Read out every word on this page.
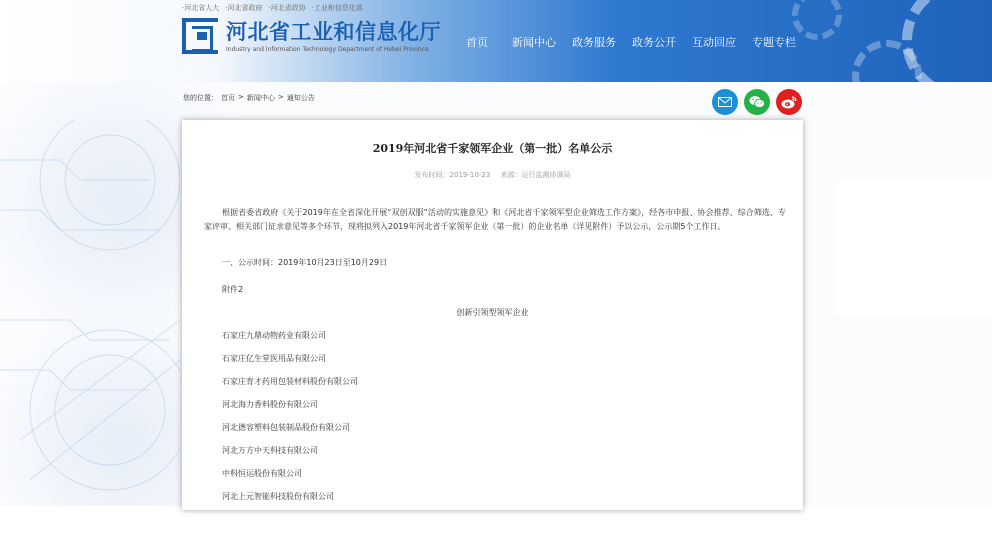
·河北省人大 ·河北省政府 ·河北省政协 ·工业和信息化部
河北省工业和信息化厅
Industry and Information Technology Department of Hebei Province	首页 新闻中心 政务服务 政务公开 互动回应 专题专栏
您的位置： 首页 > 新闻中心 > 通知公告
2019年河北省千家领军企业（第一批）名单公示
发布时间：2019-10-23 来源：运行监测协调局
根据省委省政府《关于2019年在全省深化开展“双创双服”活动的实施意见》和《河北省千家领军型企业筛选工作方案》，经各市申报、协会推荐、综合筛选、专家评审、相关部门征求意见等多个环节，现将拟列入2019年河北省千家领军企业（第一批）的企业名单（详见附件）予以公示，公示期5个工作日。
一、公示时间：2019年10月23日至10月29日
附件2
创新引领型领军企业
石家庄九鼎动物药业有限公司
石家庄亿生堂医用品有限公司
石家庄育才药用包装材料股份有限公司
河北海力香料股份有限公司
河北德容塑料包装制品股份有限公司
河北万方中天科技有限公司
中科恒运股份有限公司
河北上元智能科技股份有限公司
